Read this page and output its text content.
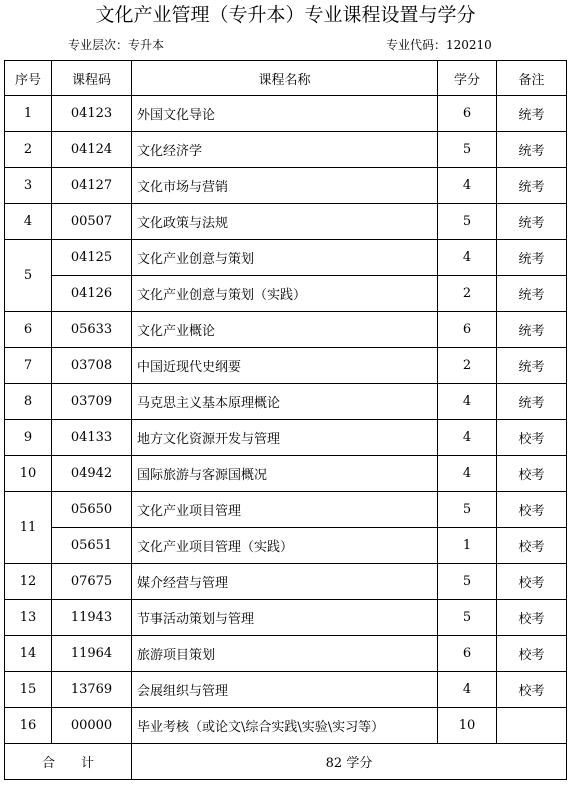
文化产业管理（专升本）专业课程设置与学分
专业层次：专升本	专业代码：120210
序号	课程码	课程名称	学分	备注
1	04123	外国文化导论	6	统考
2	04124	文化经济学	5	统考
3	04127	文化市场与营销	4	统考
4	00507	文化政策与法规	5	统考
5	04125	文化产业创意与策划	4	统考
	04126	文化产业创意与策划（实践）	2	统考
6	05633	文化产业概论	6	统考
7	03708	中国近现代史纲要	2	统考
8	03709	马克思主义基本原理概论	4	统考
9	04133	地方文化资源开发与管理	4	校考
10	04942	国际旅游与客源国概况	4	校考
11	05650	文化产业项目管理	5	校考
	05651	文化产业项目管理（实践）	1	校考
12	07675	媒介经营与管理	5	校考
13	11943	节事活动策划与管理	5	校考
14	11964	旅游项目策划	6	校考
15	13769	会展组织与管理	4	校考
16	00000	毕业考核（或论文\综合实践\实验\实习等）	10	
合　　计		82 学分		
